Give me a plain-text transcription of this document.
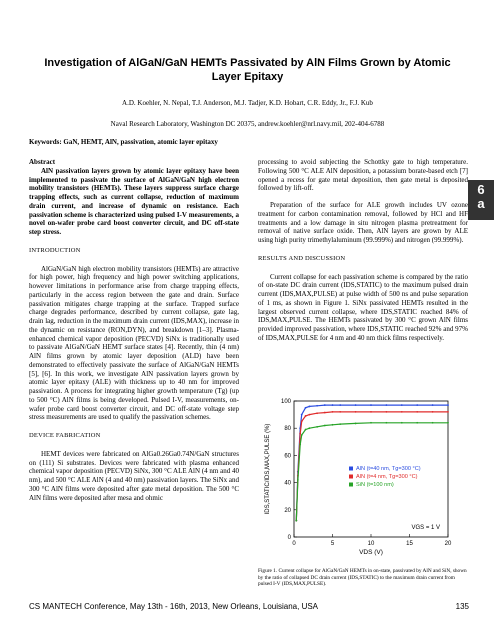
Investigation of AlGaN/GaN HEMTs Passivated by AlN Films Grown by Atomic Layer Epitaxy
A.D. Koehler, N. Nepal, T.J. Anderson, M.J. Tadjer, K.D. Hobart, C.R. Eddy, Jr., F.J. Kub
Naval Research Laboratory, Washington DC 20375, andrew.koehler@nrl.navy.mil, 202-404-6788
Keywords: GaN, HEMT, AlN, passivation, atomic layer epitaxy

Abstract

AlN passivation layers grown by atomic layer epitaxy have been implemented to passivate the surface of AlGaN/GaN high electron mobility transistors (HEMTs). These layers suppress surface charge trapping effects, such as current collapse, reduction of maximum drain current, and increase of dynamic on resistance. Each passivation scheme is characterized using pulsed I-V measurements, a novel on-wafer probe card boost converter circuit, and DC off-state step stress.

INTRODUCTION

AlGaN/GaN high electron mobility transistors (HEMTs) are attractive for high power, high frequency and high power switching applications, however limitations in performance arise from charge trapping effects, particularly in the access region between the gate and drain. Surface passivation mitigates charge trapping at the surface. Trapped surface charge degrades performance, described by current collapse, gate lag, drain lag, reduction in the maximum drain current (IDS,MAX), increase in the dynamic on resistance (RON,DYN), and breakdown [1–3]. Plasma-enhanced chemical vapor deposition (PECVD) SiNx is traditionally used to passivate AlGaN/GaN HEMT surface states [4]. Recently, thin (4 nm) AlN films grown by atomic layer deposition (ALD) have been demonstrated to effectively passivate the surface of AlGaN/GaN HEMTs [5], [6]. In this work, we investigate AlN passivation layers grown by atomic layer epitaxy (ALE) with thickness up to 40 nm for improved passivation. A process for integrating higher growth temperature (Tg) (up to 500 °C) AlN films is being developed. Pulsed I-V, measurements, on-wafer probe card boost converter circuit, and DC off-state voltage step stress measurements are used to qualify the passivation schemes.

DEVICE FABRICATION

HEMT devices were fabricated on AlGa0.26Ga0.74N/GaN structures on (111) Si substrates. Devices were fabricated with plasma enhanced chemical vapor deposition (PECVD) SiNx, 300 °C ALE AlN (4 nm and 40 nm), and 500 °C ALE AlN (4 and 40 nm) passivation layers. The SiNx and 300 °C AlN films were deposited after gate metal deposition. The 500 °C AlN films were deposited after mesa and ohmic

processing to avoid subjecting the Schottky gate to high temperature. Following 500 °C ALE AlN deposition, a potassium borate-based etch [7] opened a recess for gate metal deposition, then gate metal is deposited followed by lift-off.

Preparation of the surface for ALE growth includes UV ozone treatment for carbon contamination removal, followed by HCl and HF treatments and a low damage in situ nitrogen plasma pretreatment for removal of native surface oxide. Then, AlN layers are grown by ALE using high purity trimethylaluminum (99.999%) and nitrogen (99.999%).

RESULTS AND DISCUSSION

Current collapse for each passivation scheme is compared by the ratio of on-state DC drain current (IDS,STATIC) to the maximum pulsed drain current (IDS,MAX,PULSE) at pulse width of 500 ns and pulse separation of 1 ms, as shown in Figure 1. SiNx passivated HEMTs resulted in the largest observed current collapse, where IDS,STATIC reached 84% of IDS,MAX,PULSE. The HEMTs passivated by 300 °C grown AlN films provided improved passivation, where IDS,STATIC reached 92% and 97% of IDS,MAX,PULSE for 4 nm and 40 nm thick films respectively.

6
a
0	5	10	15	20
0
20
40
60
80
100
VDS (V)
IDS,STATIC/IDS,MAX,PULSE (%)	AlN (t=40 nm, Tg=300 °C)
AlN (t=4 nm, Tg=300 °C)
SiN (t=100 nm)
VGS = 1 V
Figure 1. Current collapse for AlGaN/GaN HEMTs in on-state, passivated by AlN and SiN, shown by the ratio of collapsed DC drain current (IDS,STATIC) to the maximum drain current from pulsed I-V (IDS,MAX,PULSE).
CS MANTECH Conference, May 13th - 16th, 2013, New Orleans, Louisiana, USA	135
